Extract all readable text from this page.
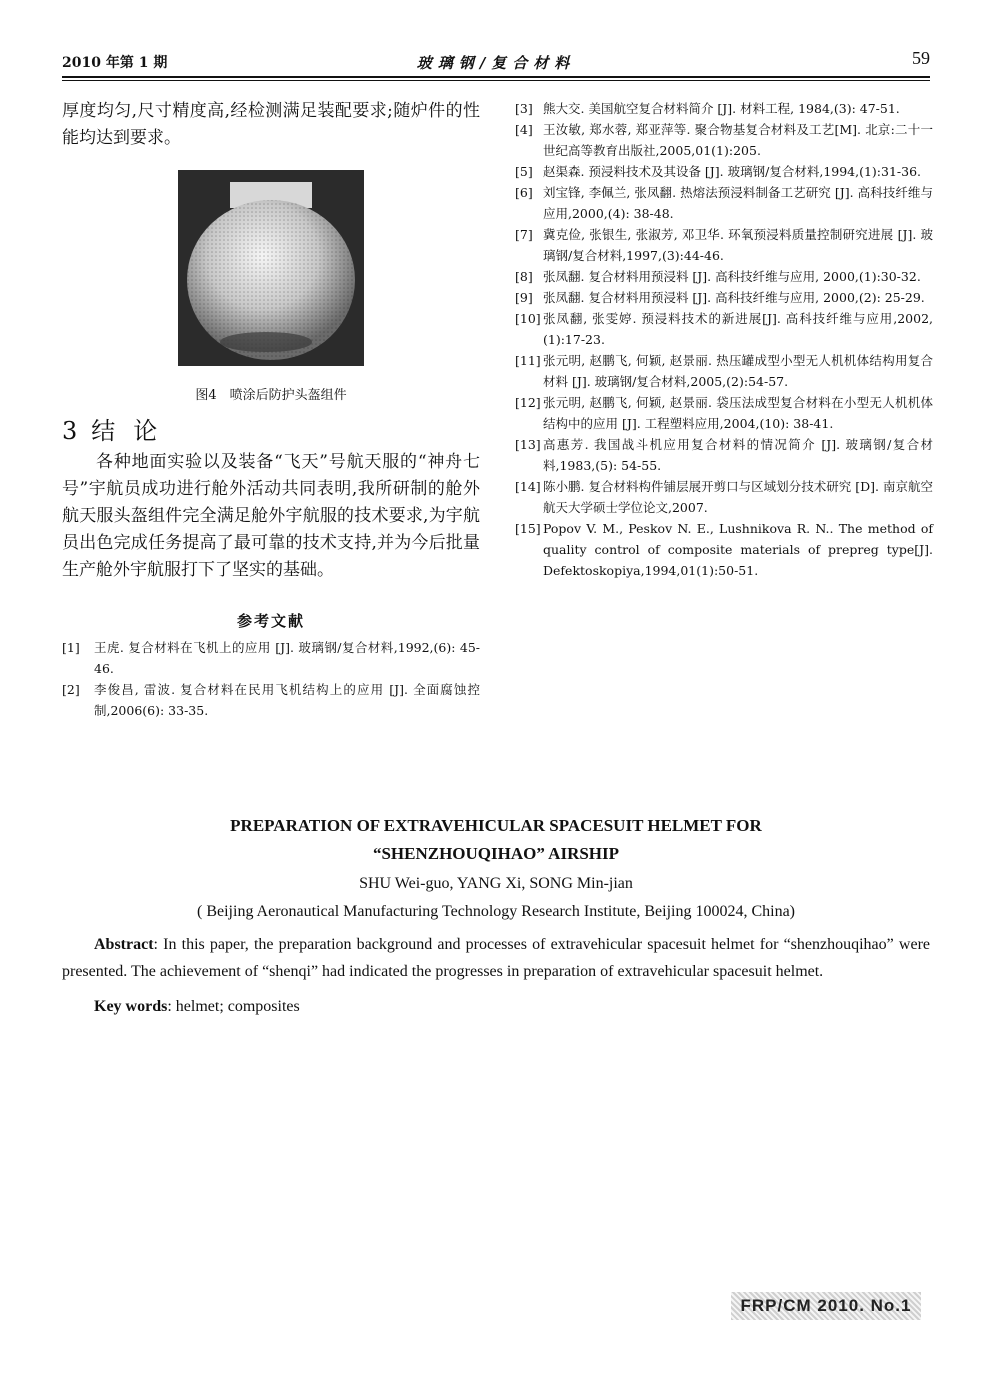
2010 年第 1 期	玻璃钢/复合材料	59

厚度均匀,尺寸精度高,经检测满足装配要求;随炉件的性能均达到要求。

图4　喷涂后防护头盔组件
3 结论

各种地面实验以及装备“飞天”号航天服的“神舟七号”宇航员成功进行舱外活动共同表明,我所研制的舱外航天服头盔组件完全满足舱外宇航服的技术要求,为宇航员出色完成任务提高了最可靠的技术支持,并为今后批量生产舱外宇航服打下了坚实的基础。

参考文献
[1]	王虎. 复合材料在飞机上的应用 [J]. 玻璃钢/复合材料,1992,(6): 45-46.
[2]	李俊昌, 雷波. 复合材料在民用飞机结构上的应用 [J]. 全面腐蚀控制,2006(6): 33-35.
[3] 熊大交. 美国航空复合材料简介 [J]. 材料工程, 1984,(3): 47-51.
[4] 王汝敏, 郑水蓉, 郑亚萍等. 聚合物基复合材料及工艺[M]. 北京:二十一世纪高等教育出版社,2005,01(1):205.
[5] 赵渠森. 预浸料技术及其设备 [J]. 玻璃钢/复合材料,1994,(1):31-36.
[6] 刘宝锋, 李佩兰, 张凤翻. 热熔法预浸料制备工艺研究 [J]. 高科技纤维与应用,2000,(4): 38-48.
[7] 冀克俭, 张银生, 张淑芳, 邓卫华. 环氧预浸料质量控制研究进展 [J]. 玻璃钢/复合材料,1997,(3):44-46.
[8] 张凤翻. 复合材料用预浸料 [J]. 高科技纤维与应用, 2000,(1):30-32.
[9] 张凤翻. 复合材料用预浸料 [J]. 高科技纤维与应用, 2000,(2): 25-29.
[10] 张凤翻, 张雯婷. 预浸料技术的新进展[J]. 高科技纤维与应用,2002,(1):17-23.
[11] 张元明, 赵鹏飞, 何颖, 赵景丽. 热压罐成型小型无人机机体结构用复合材料 [J]. 玻璃钢/复合材料,2005,(2):54-57.
[12] 张元明, 赵鹏飞, 何颖, 赵景丽. 袋压法成型复合材料在小型无人机机体结构中的应用 [J]. 工程塑料应用,2004,(10): 38-41.
[13] 高惠芳. 我国战斗机应用复合材料的情况简介 [J]. 玻璃钢/复合材料,1983,(5): 54-55.
[14] 陈小鹏. 复合材料构件铺层展开剪口与区域划分技术研究 [D]. 南京航空航天大学硕士学位论文,2007.
[15] Popov V. M., Peskov N. E., Lushnikova R. N.. The method of quality control of composite materials of prepreg type[J]. Defektoskopiya,1994,01(1):50-51.
PREPARATION OF EXTRAVEHICULAR SPACESUIT HELMET FOR
“SHENZHOUQIHAO” AIRSHIP
SHU Wei-guo, YANG Xi, SONG Min-jian
( Beijing Aeronautical Manufacturing Technology Research Institute, Beijing 100024, China)

Abstract: In this paper, the preparation background and processes of extravehicular spacesuit helmet for “shenzhouqihao” were presented. The achievement of “shenqi” had indicated the progresses in preparation of extravehicular spacesuit helmet.

Key words: helmet; composites

FRP/CM 2010. No.1
